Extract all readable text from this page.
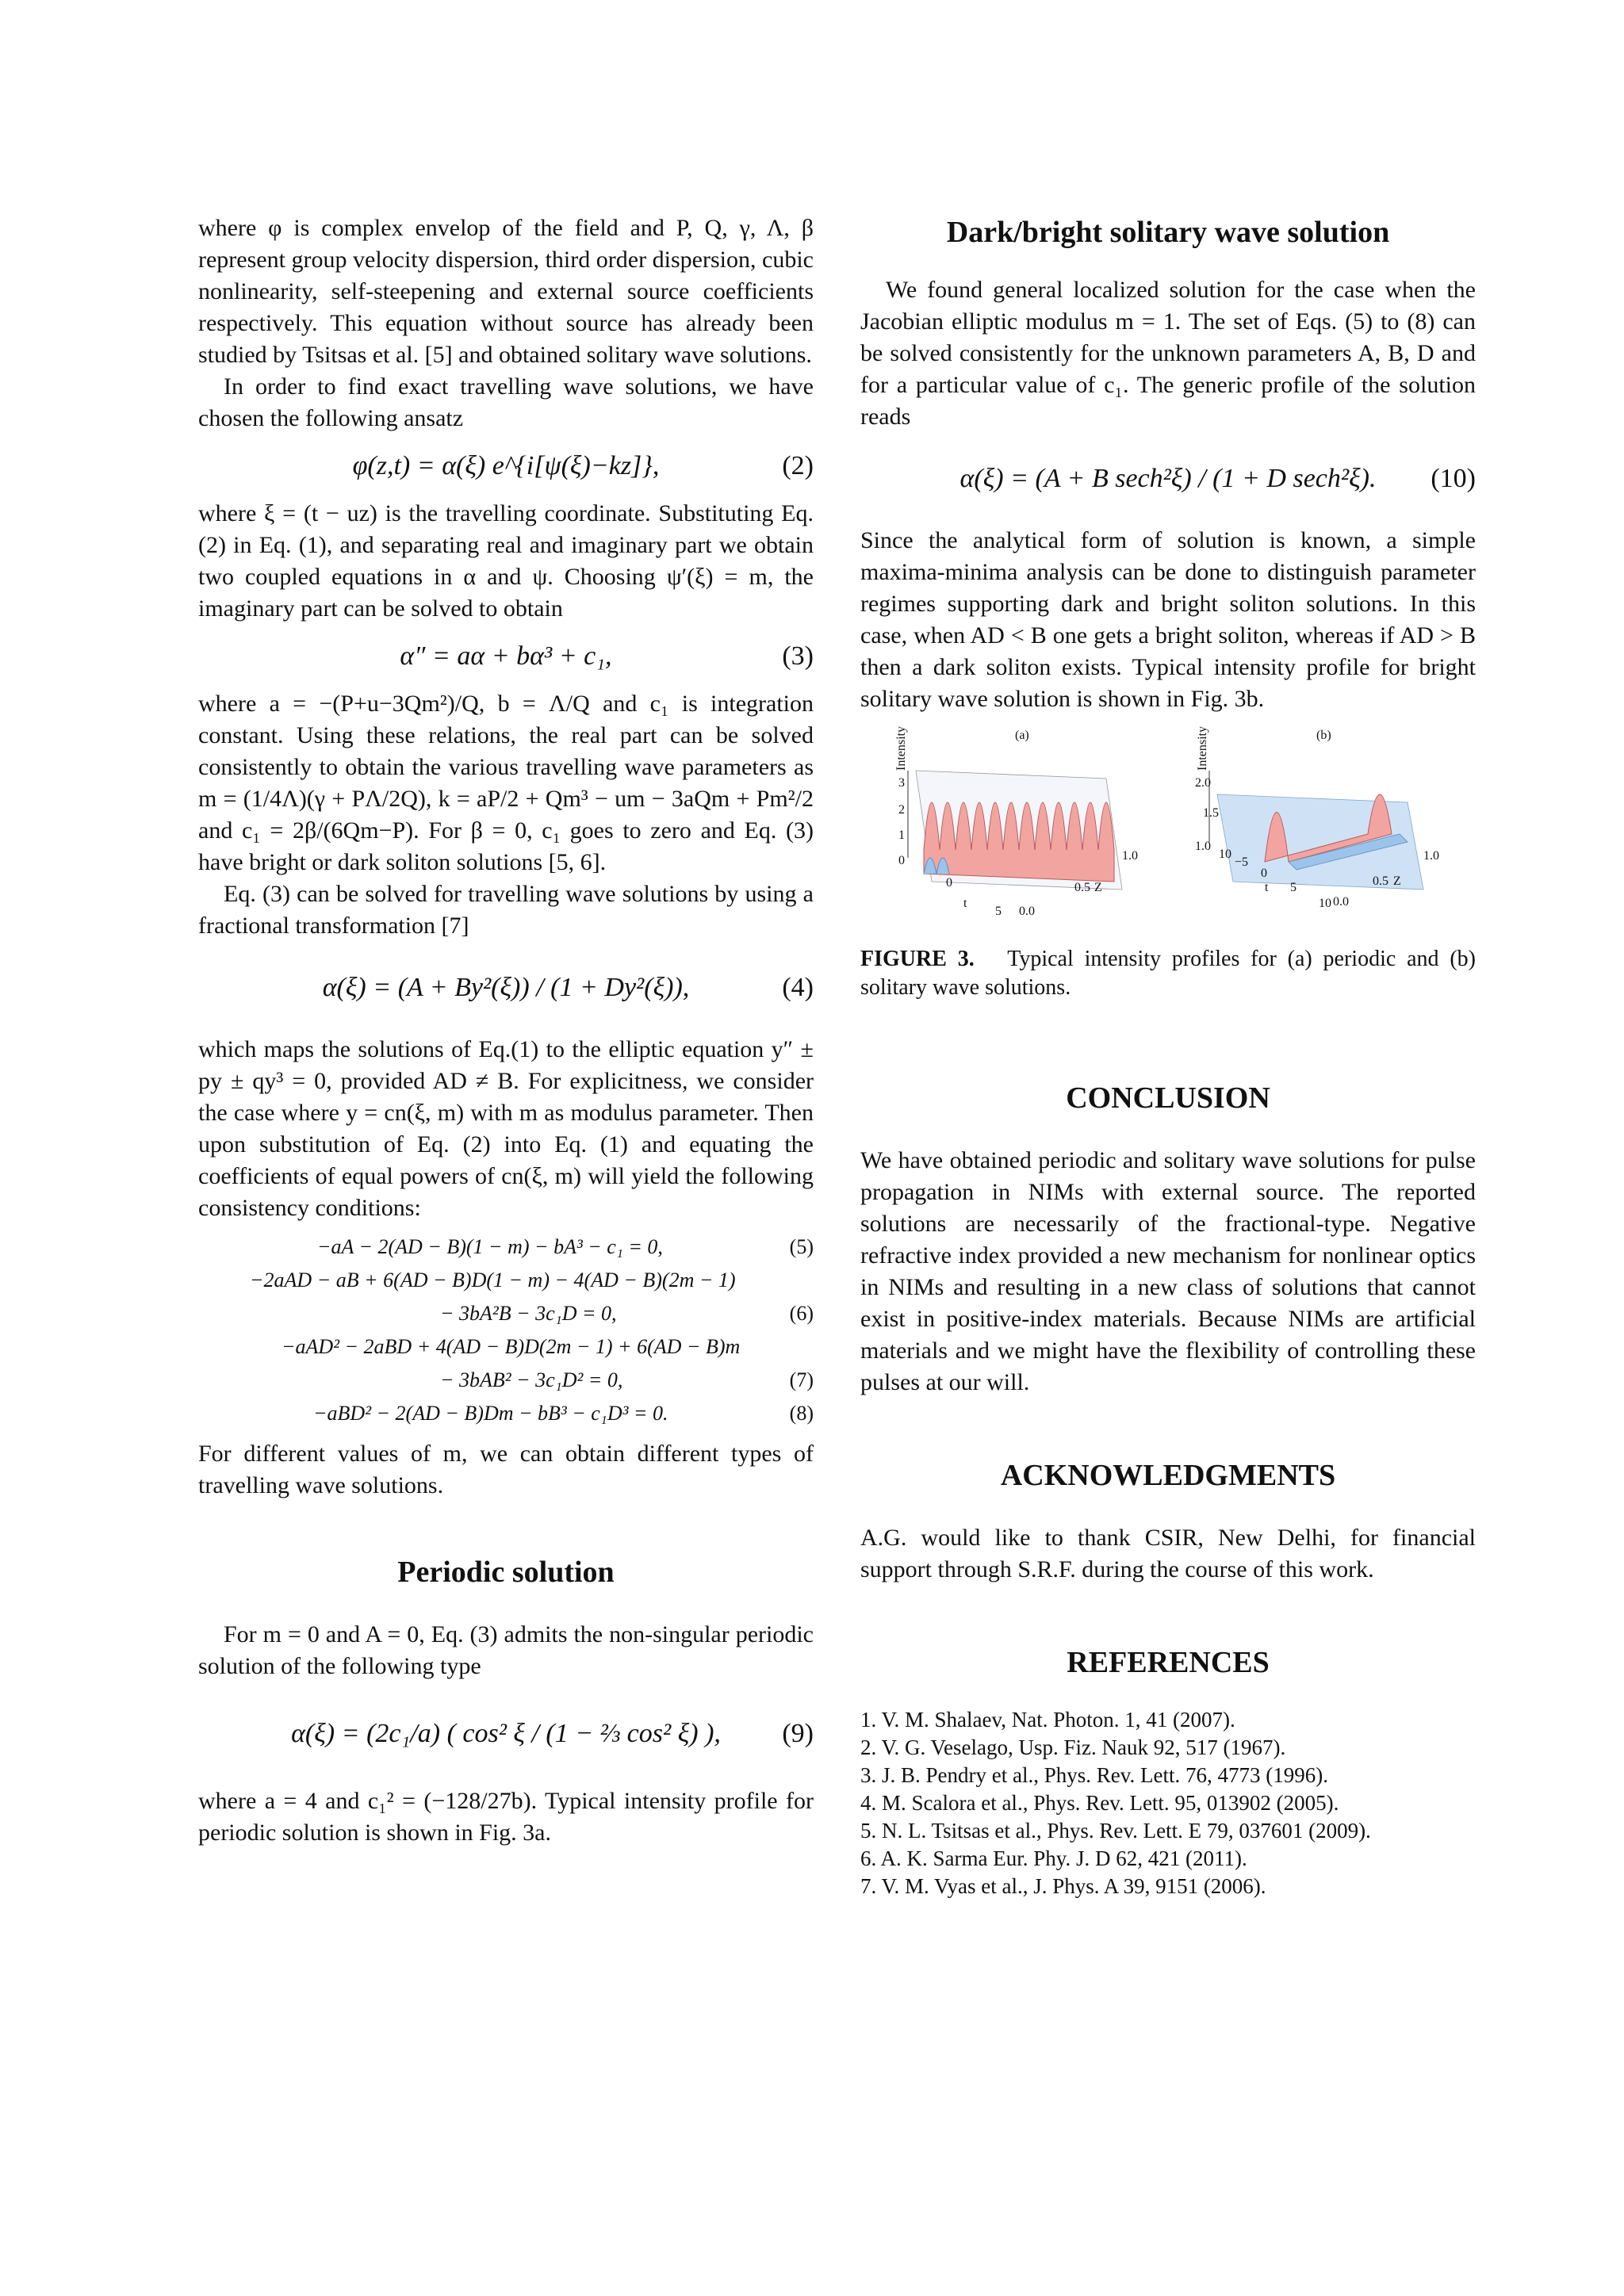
where φ is complex envelop of the field and P, Q, γ, Λ, β represent group velocity dispersion, third order dispersion, cubic nonlinearity, self-steepening and external source coefficients respectively. This equation without source has already been studied by Tsitsas et al. [5] and obtained solitary wave solutions.

In order to find exact travelling wave solutions, we have chosen the following ansatz

φ(z,t) = α(ξ) e^{i[ψ(ξ)−kz]},	(2)

where ξ = (t − uz) is the travelling coordinate. Substituting Eq. (2) in Eq. (1), and separating real and imaginary part we obtain two coupled equations in α and ψ. Choosing ψ′(ξ) = m, the imaginary part can be solved to obtain

α″ = aα + bα³ + c₁,	(3)

where a = −(P+u−3Qm²)/Q, b = Λ/Q and c₁ is integration constant. Using these relations, the real part can be solved consistently to obtain the various travelling wave parameters as m = (1/4Λ)(γ + PΛ/2Q), k = aP/2 + Qm³ − um − 3aQm + Pm²/2 and c₁ = 2β/(6Qm−P). For β = 0, c₁ goes to zero and Eq. (3) have bright or dark soliton solutions [5, 6].

Eq. (3) can be solved for travelling wave solutions by using a fractional transformation [7]

α(ξ) = (A + By²(ξ)) / (1 + Dy²(ξ)),	(4)

which maps the solutions of Eq.(1) to the elliptic equation y″ ± py ± qy³ = 0, provided AD ≠ B. For explicitness, we consider the case where y = cn(ξ, m) with m as modulus parameter. Then upon substitution of Eq. (2) into Eq. (1) and equating the coefficients of equal powers of cn(ξ, m) will yield the following consistency conditions:

−aA − 2(AD − B)(1 − m) − bA³ − c₁ = 0,	(5)
−2aAD − aB + 6(AD − B)D(1 − m) − 4(AD − B)(2m − 1)
− 3bA²B − 3c₁D = 0,	(6)
−aAD² − 2aBD + 4(AD − B)D(2m − 1) + 6(AD − B)m
− 3bAB² − 3c₁D² = 0,	(7)
−aBD² − 2(AD − B)Dm − bB³ − c₁D³ = 0.	(8)

For different values of m, we can obtain different types of travelling wave solutions.

Periodic solution

For m = 0 and A = 0, Eq. (3) admits the non-singular periodic solution of the following type

α(ξ) = (2c₁/a) ( cos² ξ / (1 − ⅔ cos² ξ) ),	(9)

where a = 4 and c₁² = (−128/27b). Typical intensity profile for periodic solution is shown in Fig. 3a.

Dark/bright solitary wave solution

We found general localized solution for the case when the Jacobian elliptic modulus m = 1. The set of Eqs. (5) to (8) can be solved consistently for the unknown parameters A, B, D and for a particular value of c₁. The generic profile of the solution reads

α(ξ) = (A + B sech²ξ) / (1 + D sech²ξ).	(10)

Since the analytical form of solution is known, a simple maxima-minima analysis can be done to distinguish parameter regimes supporting dark and bright soliton solutions. In this case, when AD < B one gets a bright soliton, whereas if AD > B then a dark soliton exists. Typical intensity profile for bright solitary wave solution is shown in Fig. 3b.

(a)
Intensity
3
2
1
0
0
5
t
1.0
0.5 Z
0.0
(b)
Intensity
2.0
1.5
1.0
10
−5
0
5
10
t
1.0
0.5 Z
0.0

FIGURE 3. Typical intensity profiles for (a) periodic and (b) solitary wave solutions.

CONCLUSION

We have obtained periodic and solitary wave solutions for pulse propagation in NIMs with external source. The reported solutions are necessarily of the fractional-type. Negative refractive index provided a new mechanism for nonlinear optics in NIMs and resulting in a new class of solutions that cannot exist in positive-index materials. Because NIMs are artificial materials and we might have the flexibility of controlling these pulses at our will.

ACKNOWLEDGMENTS

A.G. would like to thank CSIR, New Delhi, for financial support through S.R.F. during the course of this work.

REFERENCES
1. V. M. Shalaev, Nat. Photon. 1, 41 (2007).
2. V. G. Veselago, Usp. Fiz. Nauk 92, 517 (1967).
3. J. B. Pendry et al., Phys. Rev. Lett. 76, 4773 (1996).
4. M. Scalora et al., Phys. Rev. Lett. 95, 013902 (2005).
5. N. L. Tsitsas et al., Phys. Rev. Lett. E 79, 037601 (2009).
6. A. K. Sarma Eur. Phy. J. D 62, 421 (2011).
7. V. M. Vyas et al., J. Phys. A 39, 9151 (2006).
